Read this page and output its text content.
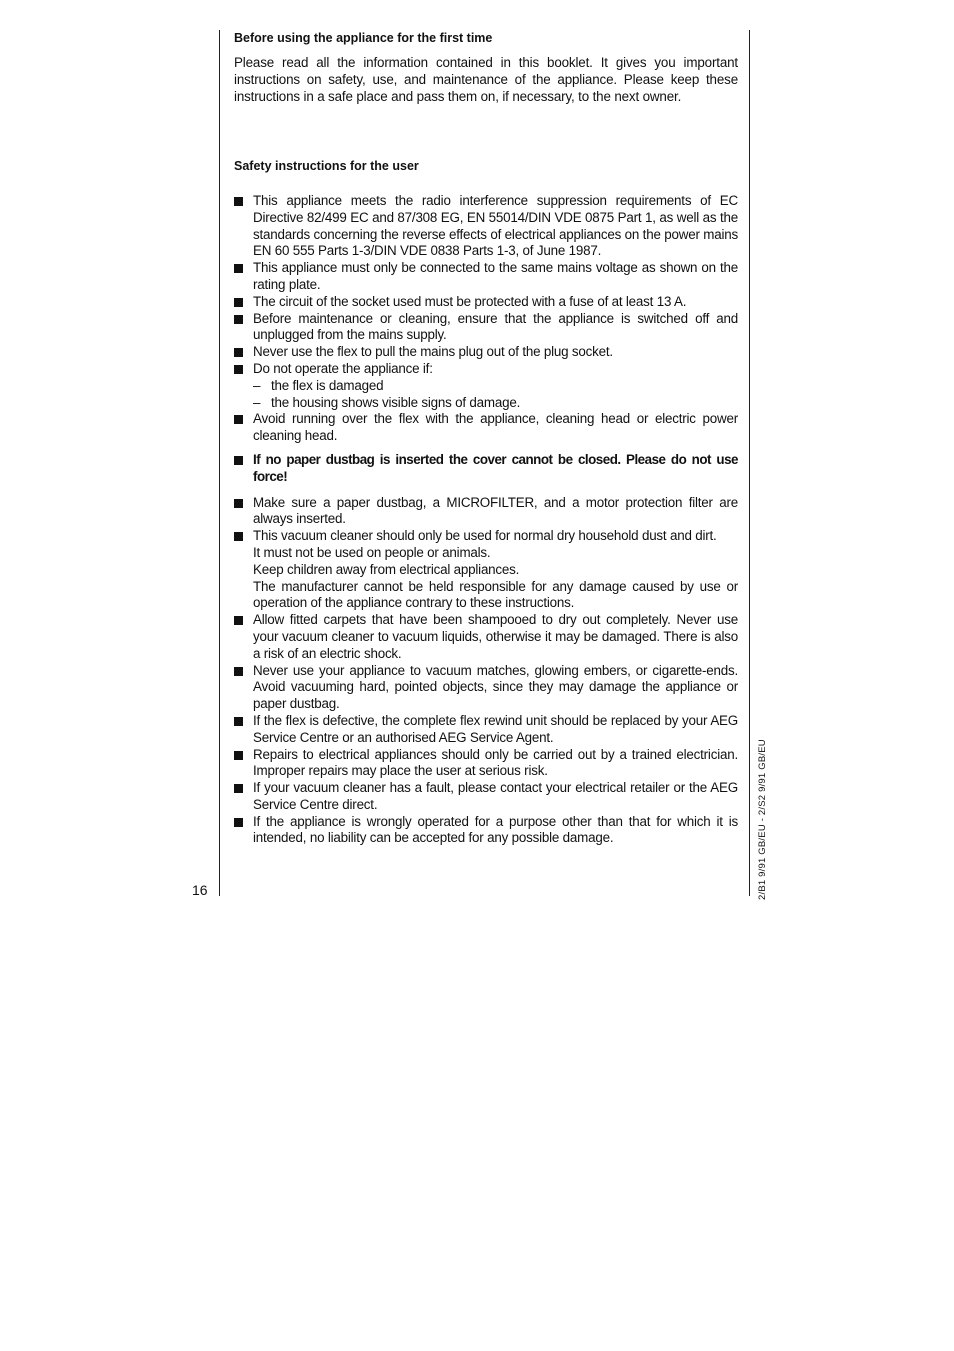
Before using the appliance for the first time

Please read all the information contained in this booklet. It gives you important instructions on safety, use, and maintenance of the appliance. Please keep these instructions in a safe place and pass them on, if necessary, to the next owner.

Safety instructions for the user
This appliance meets the radio interference suppression requirements of EC Directive 82/499 EC and 87/308 EG, EN 55014/DIN VDE 0875 Part 1, as well as the standards concerning the reverse effects of electrical appliances on the power mains EN 60 555 Parts 1-3/DIN VDE 0838 Parts 1-3, of June 1987.
This appliance must only be connected to the same mains voltage as shown on the rating plate.
The circuit of the socket used must be protected with a fuse of at least 13 A.
Before maintenance or cleaning, ensure that the appliance is switched off and unplugged from the mains supply.
Never use the flex to pull the mains plug out of the plug socket.
Do not operate the appliance if:
– the flex is damaged
– the housing shows visible signs of damage.
Avoid running over the flex with the appliance, cleaning head or electric power cleaning head.
If no paper dustbag is inserted the cover cannot be closed. Please do not use force!
Make sure a paper dustbag, a MICROFILTER, and a motor protection filter are always inserted.
This vacuum cleaner should only be used for normal dry household dust and dirt.
It must not be used on people or animals.
Keep children away from electrical appliances.
The manufacturer cannot be held responsible for any damage caused by use or operation of the appliance contrary to these instructions.
Allow fitted carpets that have been shampooed to dry out completely. Never use your vacuum cleaner to vacuum liquids, otherwise it may be damaged. There is also a risk of an electric shock.
Never use your appliance to vacuum matches, glowing embers, or cigarette-ends. Avoid vacuuming hard, pointed objects, since they may damage the appliance or paper dustbag.
If the flex is defective, the complete flex rewind unit should be replaced by your AEG Service Centre or an authorised AEG Service Agent.
Repairs to electrical appliances should only be carried out by a trained electrician. Improper repairs may place the user at serious risk.
If your vacuum cleaner has a fault, please contact your electrical retailer or the AEG Service Centre direct.
If the appliance is wrongly operated for a purpose other than that for which it is intended, no liability can be accepted for any possible damage.
16	2/B1 9/91 GB/EU - 2/S2 9/91 GB/EU
